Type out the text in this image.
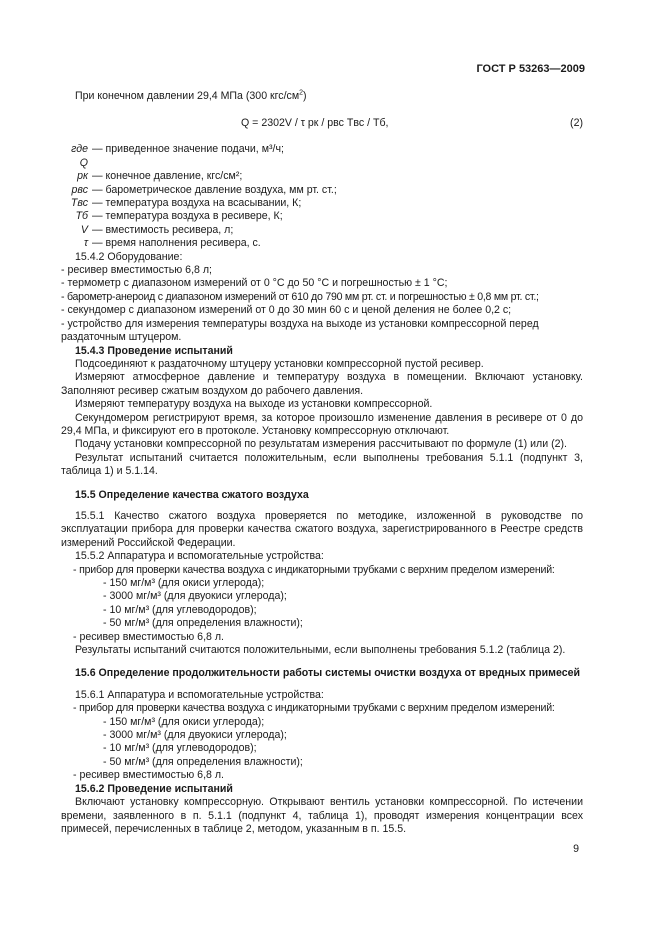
ГОСТ Р 53263—2009

При конечном давлении 29,4 МПа (300 кгс/$см^2$)

Q = 2302V / τ pк / pвс Tвс / Tб,	(2)
где Q
— приведенное значение подачи, м³/ч;
pк — конечное давление, кгс/см²;
pвс — барометрическое давление воздуха, мм рт. ст.;
Tвс — температура воздуха на всасывании, К;
Tб — температура воздуха в ресивере, К;
V — вместимость ресивера, л;
τ — время наполнения ресивера, с.

15.4.2 Оборудование:

- ресивер вместимостью 6,8 л;

- термометр с диапазоном измерений от 0 °С до 50 °С и погрешностью ± 1 °С;

- барометр-анероид с диапазоном измерений от 610 до 790 мм рт. ст. и погрешностью ± 0,8 мм рт. ст.;

- секундомер с диапазоном измерений от 0 до 30 мин 60 с и ценой деления не более 0,2 с;

- устройство для измерения температуры воздуха на выходе из установки компрессорной перед раздаточным штуцером.

15.4.3 Проведение испытаний

Подсоединяют к раздаточному штуцеру установки компрессорной пустой ресивер.

Измеряют атмосферное давление и температуру воздуха в помещении. Включают установку. Заполняют ресивер сжатым воздухом до рабочего давления.

Измеряют температуру воздуха на выходе из установки компрессорной.

Секундомером регистрируют время, за которое произошло изменение давления в ресивере от 0 до 29,4 МПа, и фиксируют его в протоколе. Установку компрессорную отключают.

Подачу установки компрессорной по результатам измерения рассчитывают по формуле (1) или (2).

Результат испытаний считается положительным, если выполнены требования 5.1.1 (подпункт 3, таблица 1) и 5.1.14.

15.5 Определение качества сжатого воздуха

15.5.1 Качество сжатого воздуха проверяется по методике, изложенной в руководстве по эксплуатации прибора для проверки качества сжатого воздуха, зарегистрированного в Реестре средств измерений Российской Федерации.

15.5.2 Аппаратура и вспомогательные устройства:

- прибор для проверки качества воздуха с индикаторными трубками с верхним пределом измерений:

- 150 мг/м³ (для окиси углерода);

- 3000 мг/м³ (для двуокиси углерода);

- 10 мг/м³ (для углеводородов);

- 50 мг/м³ (для определения влажности);

- ресивер вместимостью 6,8 л.

Результаты испытаний считаются положительными, если выполнены требования 5.1.2 (таблица 2).

15.6 Определение продолжительности работы системы очистки воздуха от вредных примесей

15.6.1 Аппаратура и вспомогательные устройства:

- прибор для проверки качества воздуха с индикаторными трубками с верхним пределом измерений:

- 150 мг/м³ (для окиси углерода);

- 3000 мг/м³ (для двуокиси углерода);

- 10 мг/м³ (для углеводородов);

- 50 мг/м³ (для определения влажности);

- ресивер вместимостью 6,8 л.

15.6.2 Проведение испытаний

Включают установку компрессорную. Открывают вентиль установки компрессорной. По истечении времени, заявленного в п. 5.1.1 (подпункт 4, таблица 1), проводят измерения концентрации всех примесей, перечисленных в таблице 2, методом, указанным в п. 15.5.

9
